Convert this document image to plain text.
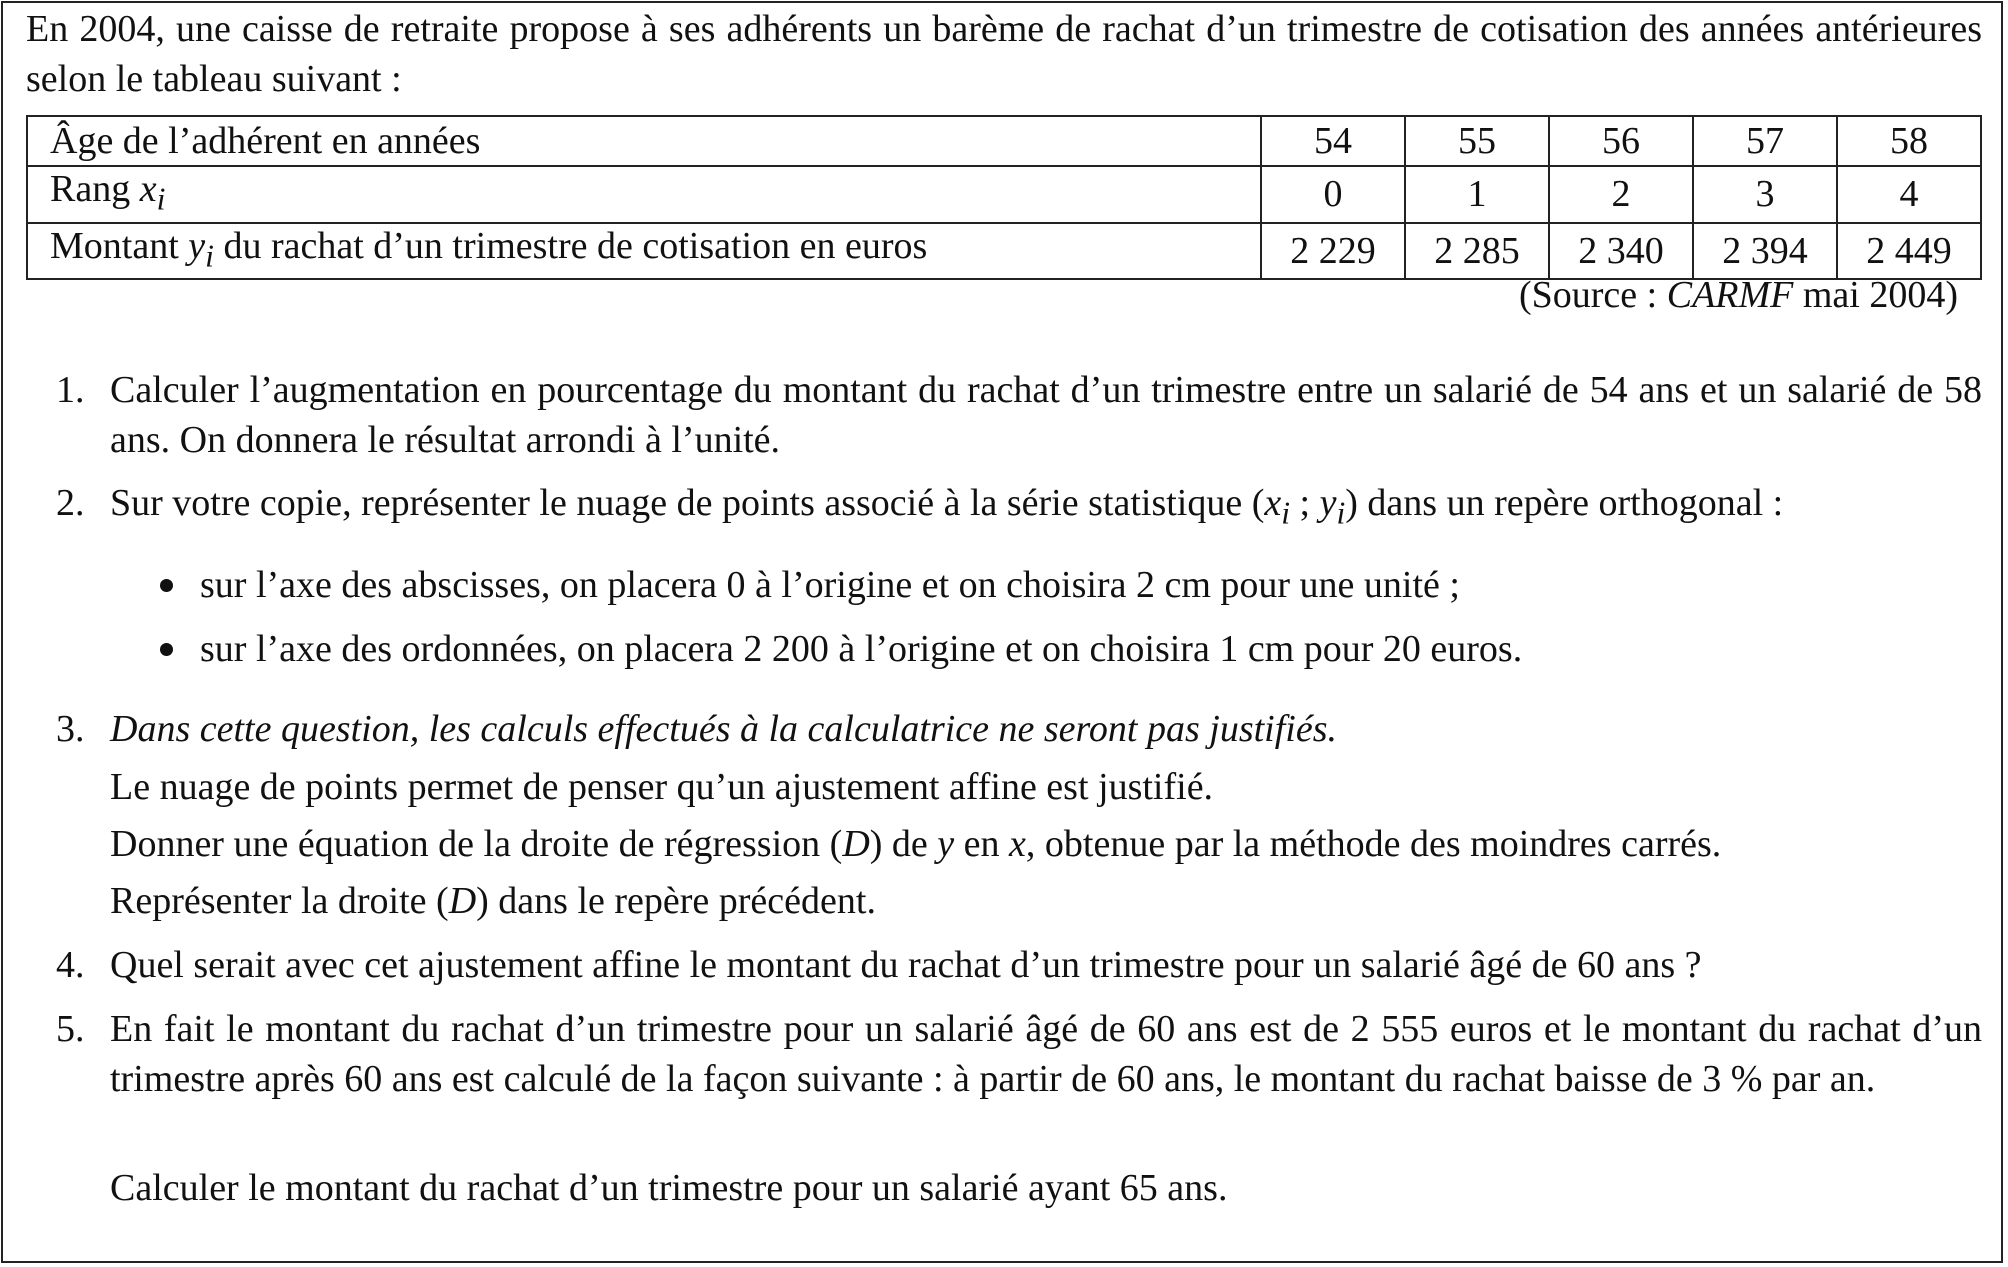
En 2004, une caisse de retraite propose à ses adhérents un barème de rachat d’un trimestre de cotisation des années antérieures selon le tableau suivant :
Âge de l’adhérent en années	54	55	56	57	58
Rang $x_i$	0	1	2	3	4
Montant $y_i$ du rachat d’un trimestre de cotisation en euros	2 229	2 285	2 340	2 394	2 449
(Source : CARMF mai 2004)
1. Calculer l’augmentation en pourcentage du montant du rachat d’un trimestre entre un salarié de 54 ans et un salarié de 58 ans. On donnera le résultat arrondi à l’unité.
2. Sur votre copie, représenter le nuage de points associé à la série statistique ($x_i$ ; $y_i$) dans un repère orthogonal :
sur l’axe des abscisses, on placera 0 à l’origine et on choisira 2 cm pour une unité ;
sur l’axe des ordonnées, on placera 2 200 à l’origine et on choisira 1 cm pour 20 euros.
3. Dans cette question, les calculs effectués à la calculatrice ne seront pas justifiés.
Le nuage de points permet de penser qu’un ajustement affine est justifié.
Donner une équation de la droite de régression (D) de y en x, obtenue par la méthode des moindres carrés.
Représenter la droite (D) dans le repère précédent.
4. Quel serait avec cet ajustement affine le montant du rachat d’un trimestre pour un salarié âgé de 60 ans ?
5. En fait le montant du rachat d’un trimestre pour un salarié âgé de 60 ans est de 2 555 euros et le montant du rachat d’un trimestre après 60 ans est calculé de la façon suivante : à partir de 60 ans, le montant du rachat baisse de 3 % par an.
Calculer le montant du rachat d’un trimestre pour un salarié ayant 65 ans.
